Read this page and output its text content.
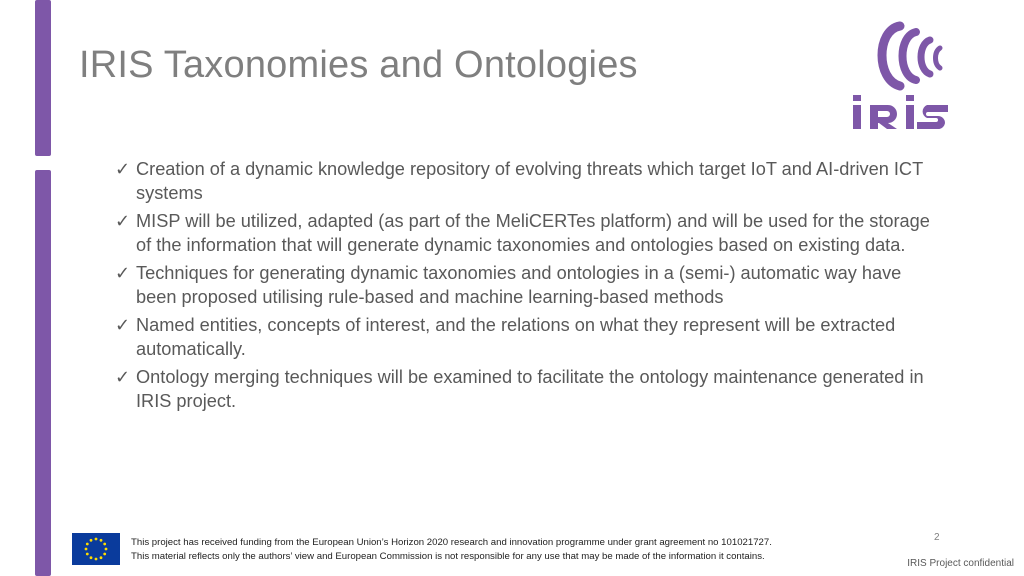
IRIS Taxonomies and Ontologies
✓ Creation of a dynamic knowledge repository of evolving threats which target IoT and AI-driven ICT systems
✓ MISP will be utilized, adapted (as part of the MeliCERTes platform) and will be used for the storage of the information that will generate dynamic taxonomies and ontologies based on existing data.
✓ Techniques for generating dynamic taxonomies and ontologies in a (semi-) automatic way have been proposed utilising rule-based and machine learning-based methods
✓ Named entities, concepts of interest, and the relations on what they represent will be extracted automatically.
✓ Ontology merging techniques will be examined to facilitate the ontology maintenance generated in IRIS project.
This project has received funding from the European Union’s Horizon 2020 research and innovation programme under grant agreement no 101021727.
This material reflects only the authors’ view and European Commission is not responsible for any use that may be made of the information it contains.
2
IRIS Project confidential
